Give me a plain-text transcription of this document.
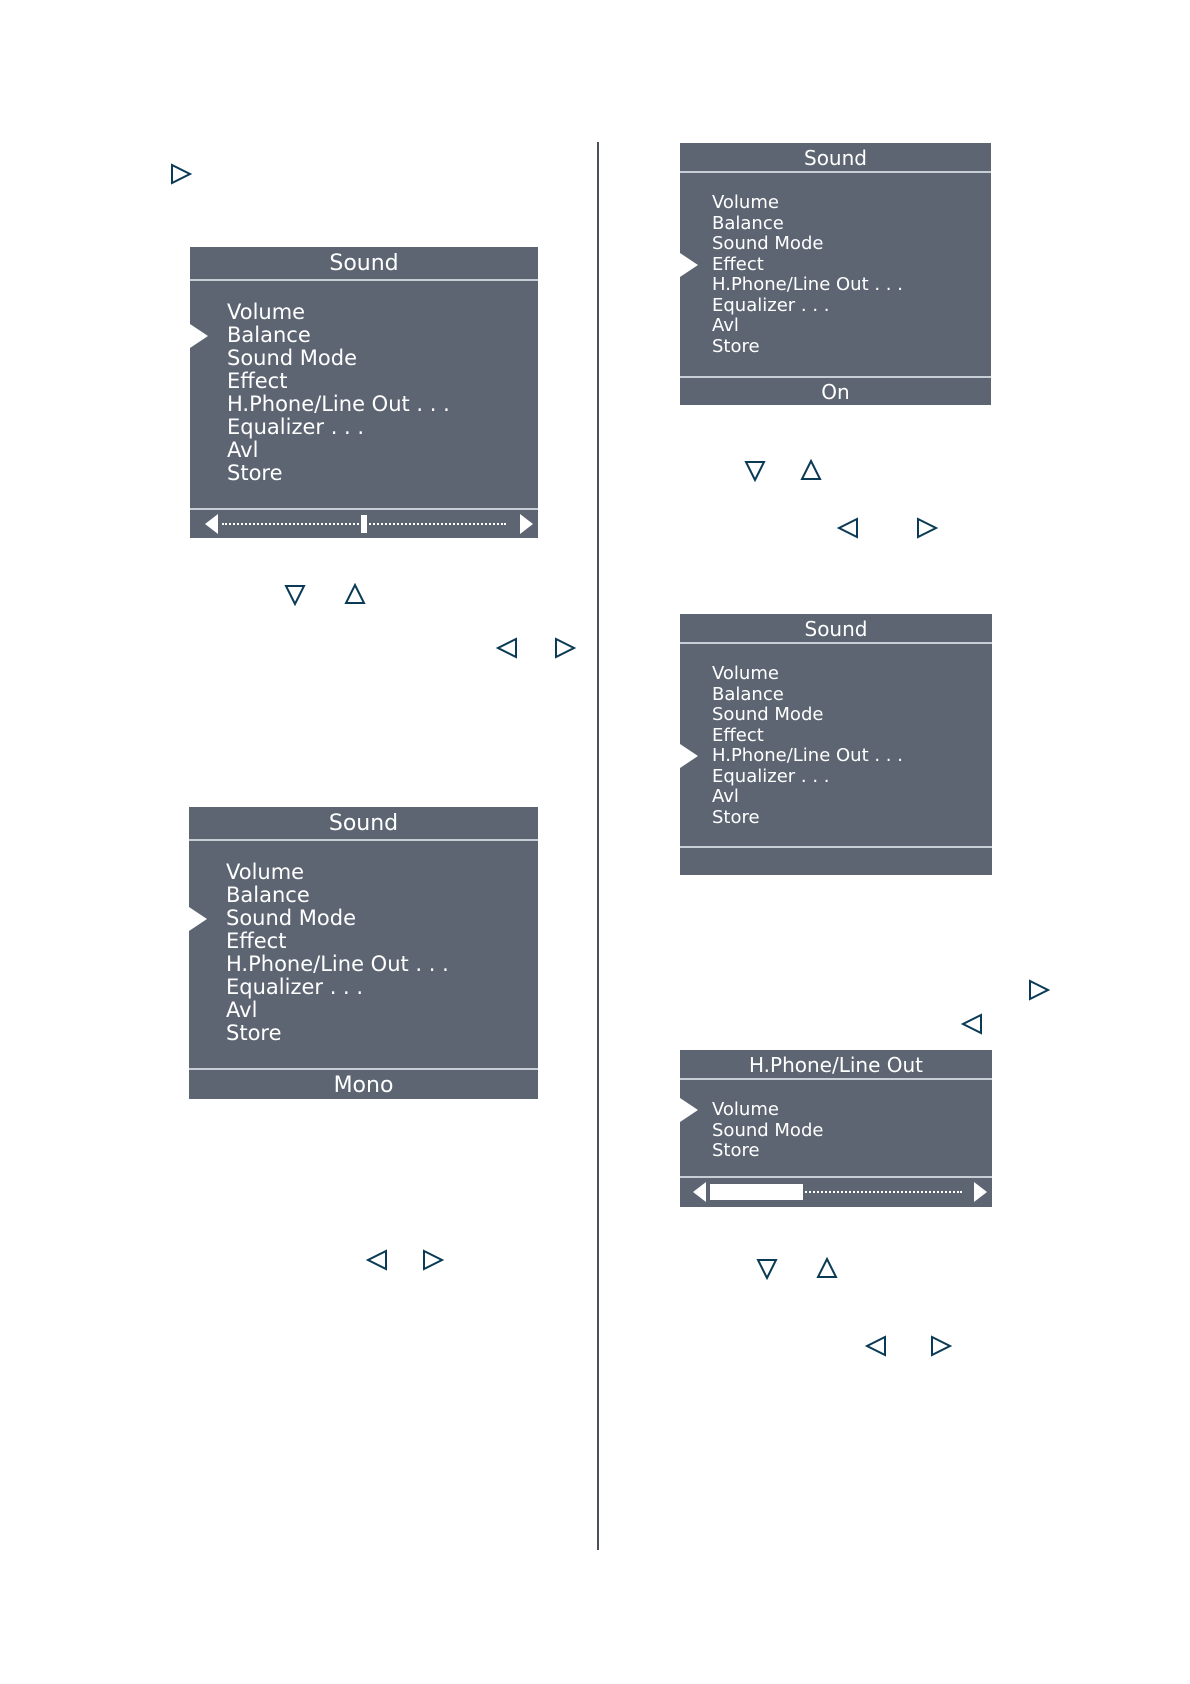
Sound
Volume
Balance
Sound Mode
Effect
H.Phone/Line Out . . .
Equalizer . . .
Avl
Store
Sound
Volume
Balance
Sound Mode
Effect
H.Phone/Line Out . . .
Equalizer . . .
Avl
Store
Mono
Sound
Volume
Balance
Sound Mode
Effect
H.Phone/Line Out . . .
Equalizer . . .
Avl
Store
On
Sound
Volume
Balance
Sound Mode
Effect
H.Phone/Line Out . . .
Equalizer . . .
Avl
Store
H.Phone/Line Out
Volume
Sound Mode
Store
